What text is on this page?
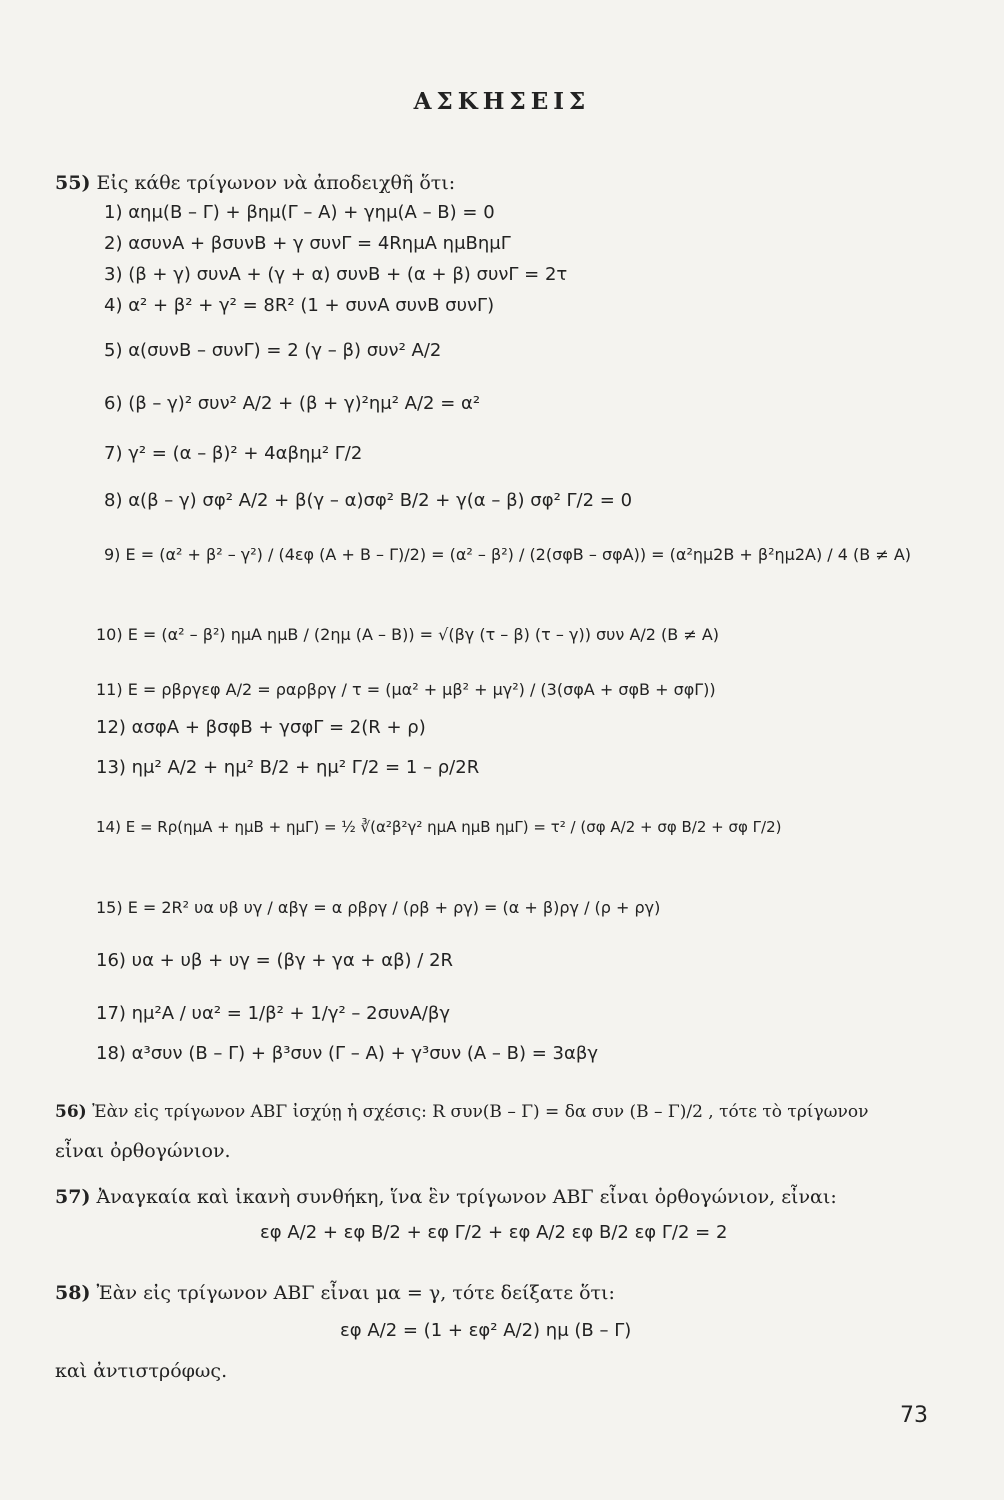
ΑΣΚΗΣΕΙΣ
55) Εἰς κάθε τρίγωνον νὰ ἀποδειχθῆ ὅτι:
1) αημ(Β – Γ) + βημ(Γ – Α) + γημ(Α – Β) = 0
2) ασυνΑ + βσυνΒ + γ συνΓ = 4RημΑ ημΒημΓ
3) (β + γ) συνΑ + (γ + α) συνΒ + (α + β) συνΓ = 2τ
4) α² + β² + γ² = 8R² (1 + συνΑ συνΒ συνΓ)
5) α(συνΒ – συνΓ) = 2 (γ – β) συν² Α/2
6) (β – γ)² συν² Α/2 + (β + γ)²ημ² Α/2 = α²
7) γ² = (α – β)² + 4αβημ² Γ/2
8) α(β – γ) σφ² Α/2 + β(γ – α)σφ² Β/2 + γ(α – β) σφ² Γ/2 = 0
9) E = (α² + β² – γ²) / (4εφ (Α + Β – Γ)/2) = (α² – β²) / (2(σφΒ – σφΑ)) = (α²ημ2Β + β²ημ2Α) / 4 (Β ≠ Α)
10) E = (α² – β²) ημΑ ημΒ / (2ημ (Α – Β)) = √(βγ (τ – β) (τ – γ)) συν Α/2 (Β ≠ Α)
11) E = ρβργεφ Α/2 = ραρβργ / τ = (μα² + μβ² + μγ²) / (3(σφΑ + σφΒ + σφΓ))
12) ασφΑ + βσφΒ + γσφΓ = 2(R + ρ)
13) ημ² Α/2 + ημ² Β/2 + ημ² Γ/2 = 1 – ρ/2R
14) E = Rρ(ημΑ + ημΒ + ημΓ) = ½ ∛(α²β²γ² ημΑ ημΒ ημΓ) = τ² / (σφ Α/2 + σφ Β/2 + σφ Γ/2)
15) E = 2R² υα υβ υγ / αβγ = α ρβργ / (ρβ + ργ) = (α + β)ργ / (ρ + ργ)
16) υα + υβ + υγ = (βγ + γα + αβ) / 2R
17) ημ²Α / υα² = 1/β² + 1/γ² – 2συνΑ/βγ
18) α³συν (Β – Γ) + β³συν (Γ – Α) + γ³συν (Α – Β) = 3αβγ
56) Ἐὰν εἰς τρίγωνον ΑΒΓ ἰσχύῃ ἡ σχέσις: R συν(Β – Γ) = δα συν (Β – Γ)/2 , τότε τὸ τρίγωνον
εἶναι ὀρθογώνιον.
57) Ἀναγκαία καὶ ἱκανὴ συνθήκη, ἵνα ἓν τρίγωνον ΑΒΓ εἶναι ὀρθογώνιον, εἶναι:
εφ Α/2 + εφ Β/2 + εφ Γ/2 + εφ Α/2 εφ Β/2 εφ Γ/2 = 2
58) Ἐὰν εἰς τρίγωνον ΑΒΓ εἶναι μα = γ, τότε δείξατε ὅτι:
εφ Α/2 = (1 + εφ² Α/2) ημ (Β – Γ)
καὶ ἀντιστρόφως.
73
